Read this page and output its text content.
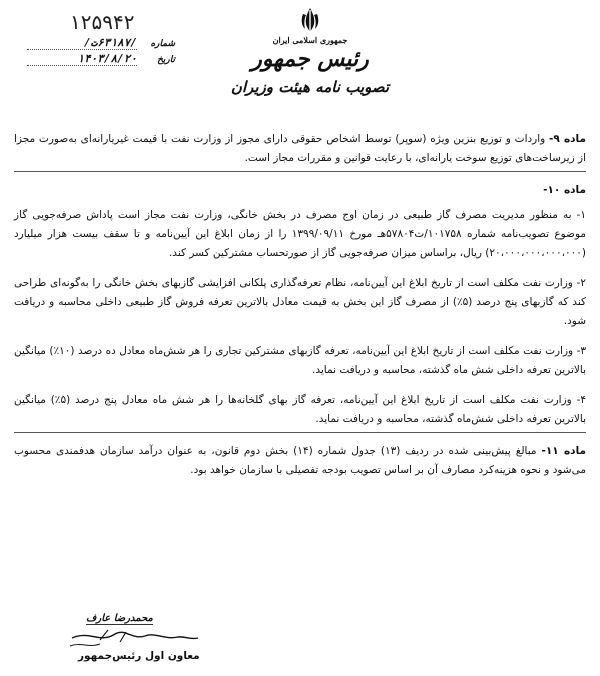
جمهوری اسلامی ایران
رئیس جمهور
تصویب نامه هیئت وزیران
۱۲۵۹۴۲
شماره
/۶۳۱۸۷ت/
تاریخ
۱۴۰۳/۸/۲۰

ماده ۹- واردات و توزیع بنزین ویژه (سوپر) توسط اشخاص حقوقی دارای مجوز از وزارت نفت با قیمت غیریارانه‌ای به‌صورت مجزا از زیرساخت‌های توزیع سوخت یارانه‌ای، با رعایت قوانین و مقررات مجاز است.

ماده ۱۰-

۱- به منظور مدیریت مصرف گاز طبیعی در زمان اوج مصرف در بخش خانگی، وزارت نفت مجاز است پاداش صرفه‌جویی گاز موضوع تصویب‌نامه شماره ۱۰۱۷۵۸/ت۵۷۸۰۴هـ مورخ ۱۳۹۹/۰۹/۱۱ را از زمان ابلاغ این آیین‌نامه و تا سقف بیست هزار میلیارد (۲۰،۰۰۰،۰۰۰،۰۰۰،۰۰۰) ریال، براساس میزان صرفه‌جویی گاز از صورتحساب مشترکین کسر کند.

۲- وزارت نفت مکلف است از تاریخ ابلاغ این آیین‌نامه، نظام تعرفه‌گذاری پلکانی افزایشی گازبهای بخش خانگی را به‌گونه‌ای طراحی کند که گازبهای پنج درصد (۵٪) از مصرف گاز این بخش به قیمت معادل بالاترین تعرفه فروش گاز طبیعی داخلی محاسبه و دریافت شود.

۳- وزارت نفت مکلف است از تاریخ ابلاغ این آیین‌نامه، تعرفه گازبهای مشترکین تجاری را هر شش‌ماه معادل ده درصد (۱۰٪) میانگین بالاترین تعرفه داخلی شش ماه گذشته، محاسبه و دریافت نماید.

۴- وزارت نفت مکلف است از تاریخ ابلاغ این آیین‌نامه، تعرفه گاز بهای گلخانه‌ها را هر شش ماه معادل پنج درصد (۵٪) میانگین بالاترین تعرفه داخلی شش‌ماه گذشته، محاسبه و دریافت نماید.

ماده ۱۱- مبالغ پیش‌بینی شده در ردیف (۱۳) جدول شماره (۱۴) بخش دوم قانون، به عنوان درآمد سازمان هدفمندی محسوب می‌شود و نحوه هزینه‌کرد مصارف آن بر اساس تصویب بودجه تفصیلی با سازمان خواهد بود.

محمدرضا عارف
معاون اول رئیس‌جمهور
